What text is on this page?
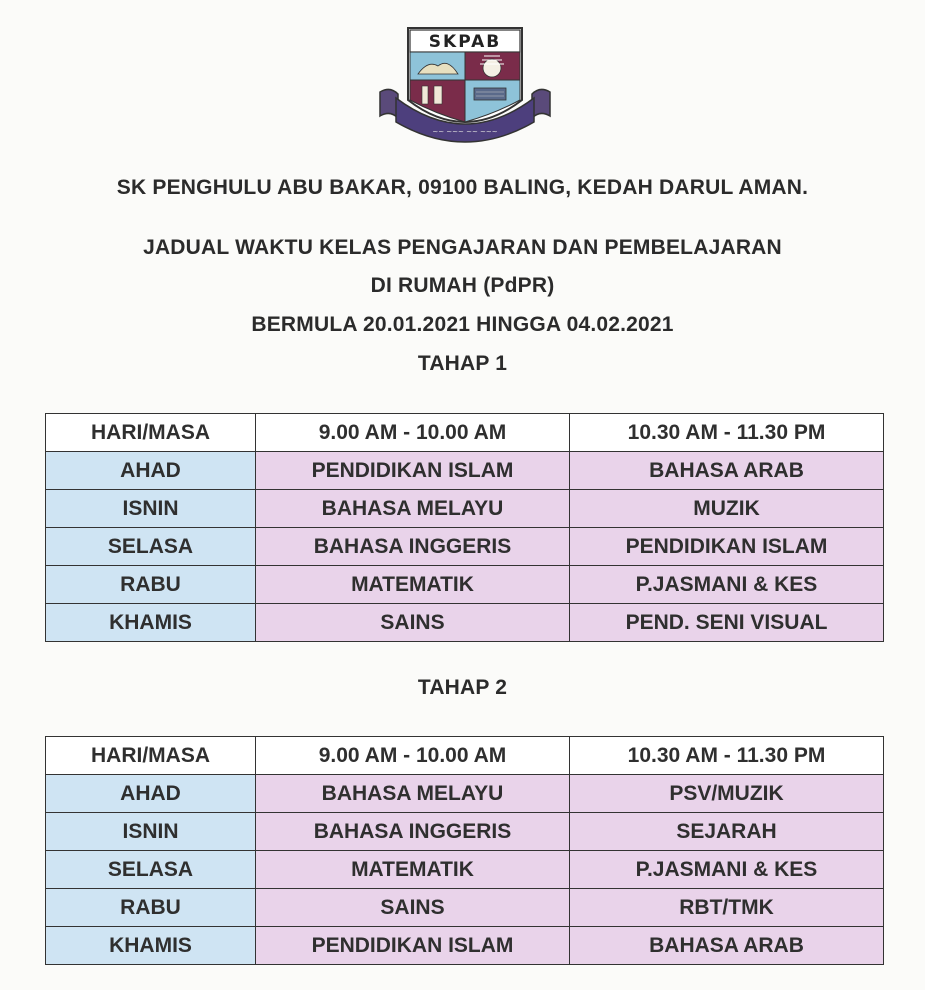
~~ ~~~ ~~ ~~~
SKPAB
SK PENGHULU ABU BAKAR, 09100 BALING, KEDAH DARUL AMAN.
JADUAL WAKTU KELAS PENGAJARAN DAN PEMBELAJARAN
DI RUMAH (PdPR)
BERMULA 20.01.2021 HINGGA 04.02.2021
TAHAP 1
HARI/MASA	9.00 AM - 10.00 AM	10.30 AM - 11.30 PM
AHAD	PENDIDIKAN ISLAM	BAHASA ARAB
ISNIN	BAHASA MELAYU	MUZIK
SELASA	BAHASA INGGERIS	PENDIDIKAN ISLAM
RABU	MATEMATIK	P.JASMANI & KES
KHAMIS	SAINS	PEND. SENI VISUAL
TAHAP 2
HARI/MASA	9.00 AM - 10.00 AM	10.30 AM - 11.30 PM
AHAD	BAHASA MELAYU	PSV/MUZIK
ISNIN	BAHASA INGGERIS	SEJARAH
SELASA	MATEMATIK	P.JASMANI & KES
RABU	SAINS	RBT/TMK
KHAMIS	PENDIDIKAN ISLAM	BAHASA ARAB
